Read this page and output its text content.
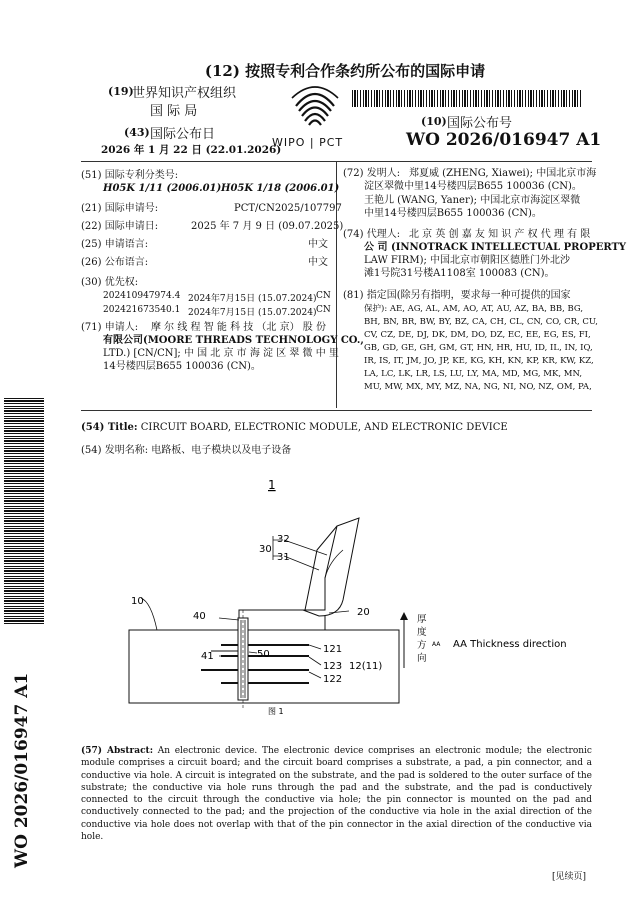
WO 2026/016947 A1
(12) 按照专利合作条约所公布的国际申请
(19)
世界知识产权组织
国 际 局
(43) 国际公布日
2026 年 1 月 22 日 (22.01.2026)
WIPO | PCT
(10) 国际公布号
WO 2026/016947 A1
(51) 国际专利分类号:
H05K 1/11 (2006.01) H05K 1/18 (2006.01)
(21) 国际申请号:	PCT/CN2025/107797
(22) 国际申请日:	2025 年 7 月 9 日 (09.07.2025)
(25) 申请语言:	中文
(26) 公布语言:	中文
(30) 优先权:
202410947974.4 2024年7月15日 (15.07.2024) CN
202421673540.1 2024年7月15日 (15.07.2024) CN
(71) 申请人: 摩 尔 线 程 智 能 科 技 （北 京） 股 份
有限公司(MOORE THREADS TECHNOLOGY CO.,
LTD.) [CN/CN]; 中 国 北 京 市 海 淀 区 翠 微 中 里
14号楼四层B655 100036 (CN)。
(72) 发明人: 郑夏威 (ZHENG, Xiawei); 中国北京市海
淀区翠微中里14号楼四层B655 100036 (CN)。
王艳儿 (WANG, Yaner); 中国北京市海淀区翠微
中里14号楼四层B655 100036 (CN)。
(74) 代理人: 北 京 英 创 嘉 友 知 识 产 权 代 理 有 限
公 司 (INNOTRACK INTELLECTUAL PROPERTY
LAW FIRM); 中国北京市朝阳区德胜门外北沙
滩1号院31号楼A1108室 100083 (CN)。
(81) 指定国(除另有指明，要求每一种可提供的国家
保护): AE, AG, AL, AM, AO, AT, AU, AZ, BA, BB, BG,
BH, BN, BR, BW, BY, BZ, CA, CH, CL, CN, CO, CR, CU,
CV, CZ, DE, DJ, DK, DM, DO, DZ, EC, EE, EG, ES, FI,
GB, GD, GE, GH, GM, GT, HN, HR, HU, ID, IL, IN, IQ,
IR, IS, IT, JM, JO, JP, KE, KG, KH, KN, KP, KR, KW, KZ,
LA, LC, LK, LR, LS, LU, LY, MA, MD, MG, MK, MN,
MU, MW, MX, MY, MZ, NA, NG, NI, NO, NZ, OM, PA,
(54) Title: CIRCUIT BOARD, ELECTRONIC MODULE, AND ELECTRONIC DEVICE
(54) 发明名称: 电路板、电子模块以及电子设备
1
30
32
31
10
40	20
41	50	121
123 12(11)
122
厚
度
方
向
AA AA Thickness direction
图 1
(57) Abstract: An electronic device. The electronic device comprises an electronic module; the electronic module comprises a circuit board; and the circuit board comprises a substrate, a pad, a pin connector, and a conductive via hole. A circuit is integrated on the substrate, and the pad is soldered to the outer surface of the substrate; the conductive via hole runs through the pad and the substrate, and the pad is conductively connected to the circuit through the conductive via hole; the pin connector is mounted on the pad and conductively connected to the pad; and the projection of the conductive via hole in the axial direction of the conductive via hole does not overlap with that of the pin connector in the axial direction of the conductive via hole.
[见续页]
